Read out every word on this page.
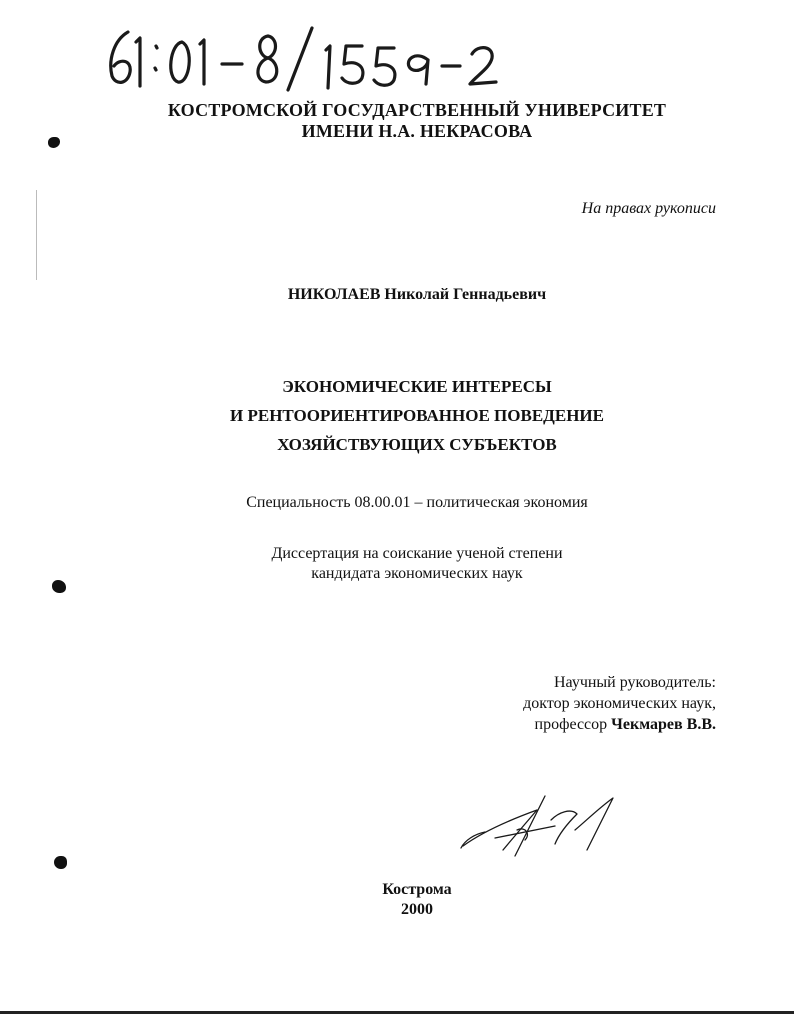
КОСТРОМСКОЙ ГОСУДАРСТВЕННЫЙ УНИВЕРСИТЕТ
ИМЕНИ Н.А. НЕКРАСОВА
На правах рукописи
НИКОЛАЕВ Николай Геннадьевич
ЭКОНОМИЧЕСКИЕ ИНТЕРЕСЫ
И РЕНТООРИЕНТИРОВАННОЕ ПОВЕДЕНИЕ
ХОЗЯЙСТВУЮЩИХ СУБЪЕКТОВ
Специальность 08.00.01 – политическая экономия
Диссертация на соискание ученой степени
кандидата экономических наук
Научный руководитель:
доктор экономических наук,
профессор Чекмарев В.В.
Кострома
2000
